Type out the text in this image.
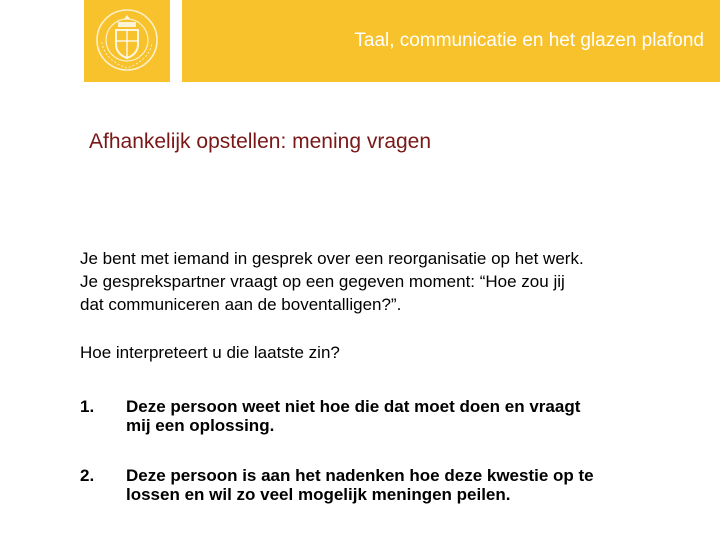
Taal, communicatie en het glazen plafond
Afhankelijk opstellen: mening vragen

Je bent met iemand in gesprek over een reorganisatie op het werk.
Je gesprekspartner vraagt op een gegeven moment: “Hoe zou jij
dat communiceren aan de boventalligen?”.

Hoe interpreteert u die laatste zin?

1. Deze persoon weet niet hoe die dat moet doen en vraagt
mij een oplossing.
2. Deze persoon is aan het nadenken hoe deze kwestie op te
lossen en wil zo veel mogelijk meningen peilen.
